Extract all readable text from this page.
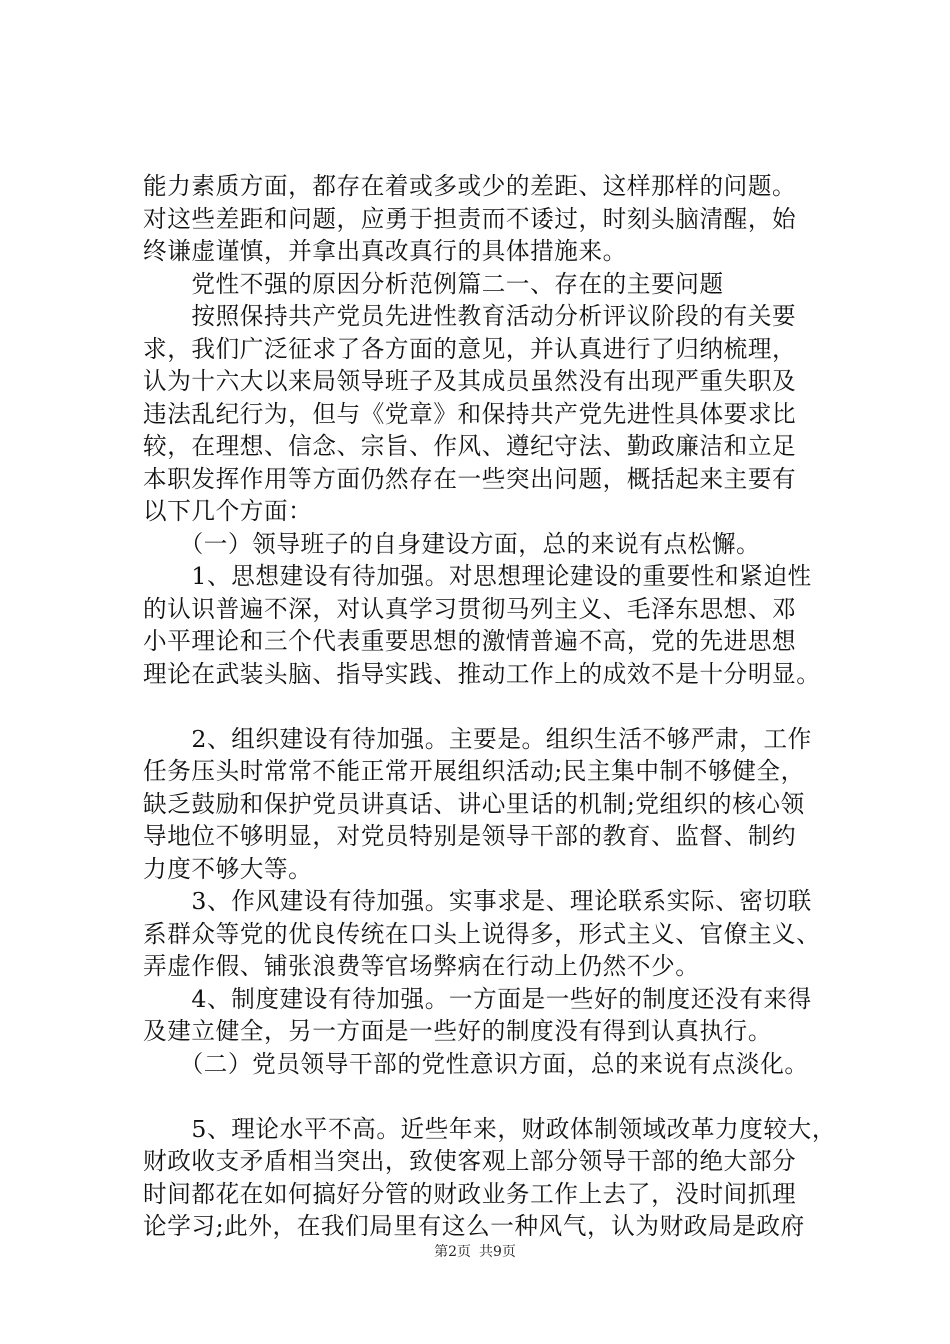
能力素质方面，都存在着或多或少的差距、这样那样的问题。
对这些差距和问题，应勇于担责而不诿过，时刻头脑清醒，始
终谦虚谨慎，并拿出真改真行的具体措施来。
　　党性不强的原因分析范例篇二一、存在的主要问题
　　按照保持共产党员先进性教育活动分析评议阶段的有关要
求，我们广泛征求了各方面的意见，并认真进行了归纳梳理，
认为十六大以来局领导班子及其成员虽然没有出现严重失职及
违法乱纪行为，但与《党章》和保持共产党先进性具体要求比
较，在理想、信念、宗旨、作风、遵纪守法、勤政廉洁和立足
本职发挥作用等方面仍然存在一些突出问题，概括起来主要有
以下几个方面：
　　（一）领导班子的自身建设方面，总的来说有点松懈。
　　1、思想建设有待加强。对思想理论建设的重要性和紧迫性
的认识普遍不深，对认真学习贯彻马列主义、毛泽东思想、邓
小平理论和三个代表重要思想的激情普遍不高，党的先进思想
理论在武装头脑、指导实践、推动工作上的成效不是十分明显。
　　2、组织建设有待加强。主要是。组织生活不够严肃，工作
任务压头时常常不能正常开展组织活动;民主集中制不够健全，
缺乏鼓励和保护党员讲真话、讲心里话的机制;党组织的核心领
导地位不够明显，对党员特别是领导干部的教育、监督、制约
力度不够大等。
　　3、作风建设有待加强。实事求是、理论联系实际、密切联
系群众等党的优良传统在口头上说得多，形式主义、官僚主义、
弄虚作假、铺张浪费等官场弊病在行动上仍然不少。
　　4、制度建设有待加强。一方面是一些好的制度还没有来得
及建立健全，另一方面是一些好的制度没有得到认真执行。
　　（二）党员领导干部的党性意识方面，总的来说有点淡化。
　　5、理论水平不高。近些年来，财政体制领域改革力度较大，
财政收支矛盾相当突出，致使客观上部分领导干部的绝大部分
时间都花在如何搞好分管的财政业务工作上去了，没时间抓理
论学习;此外，在我们局里有这么一种风气，认为财政局是政府
第2页 共9页
